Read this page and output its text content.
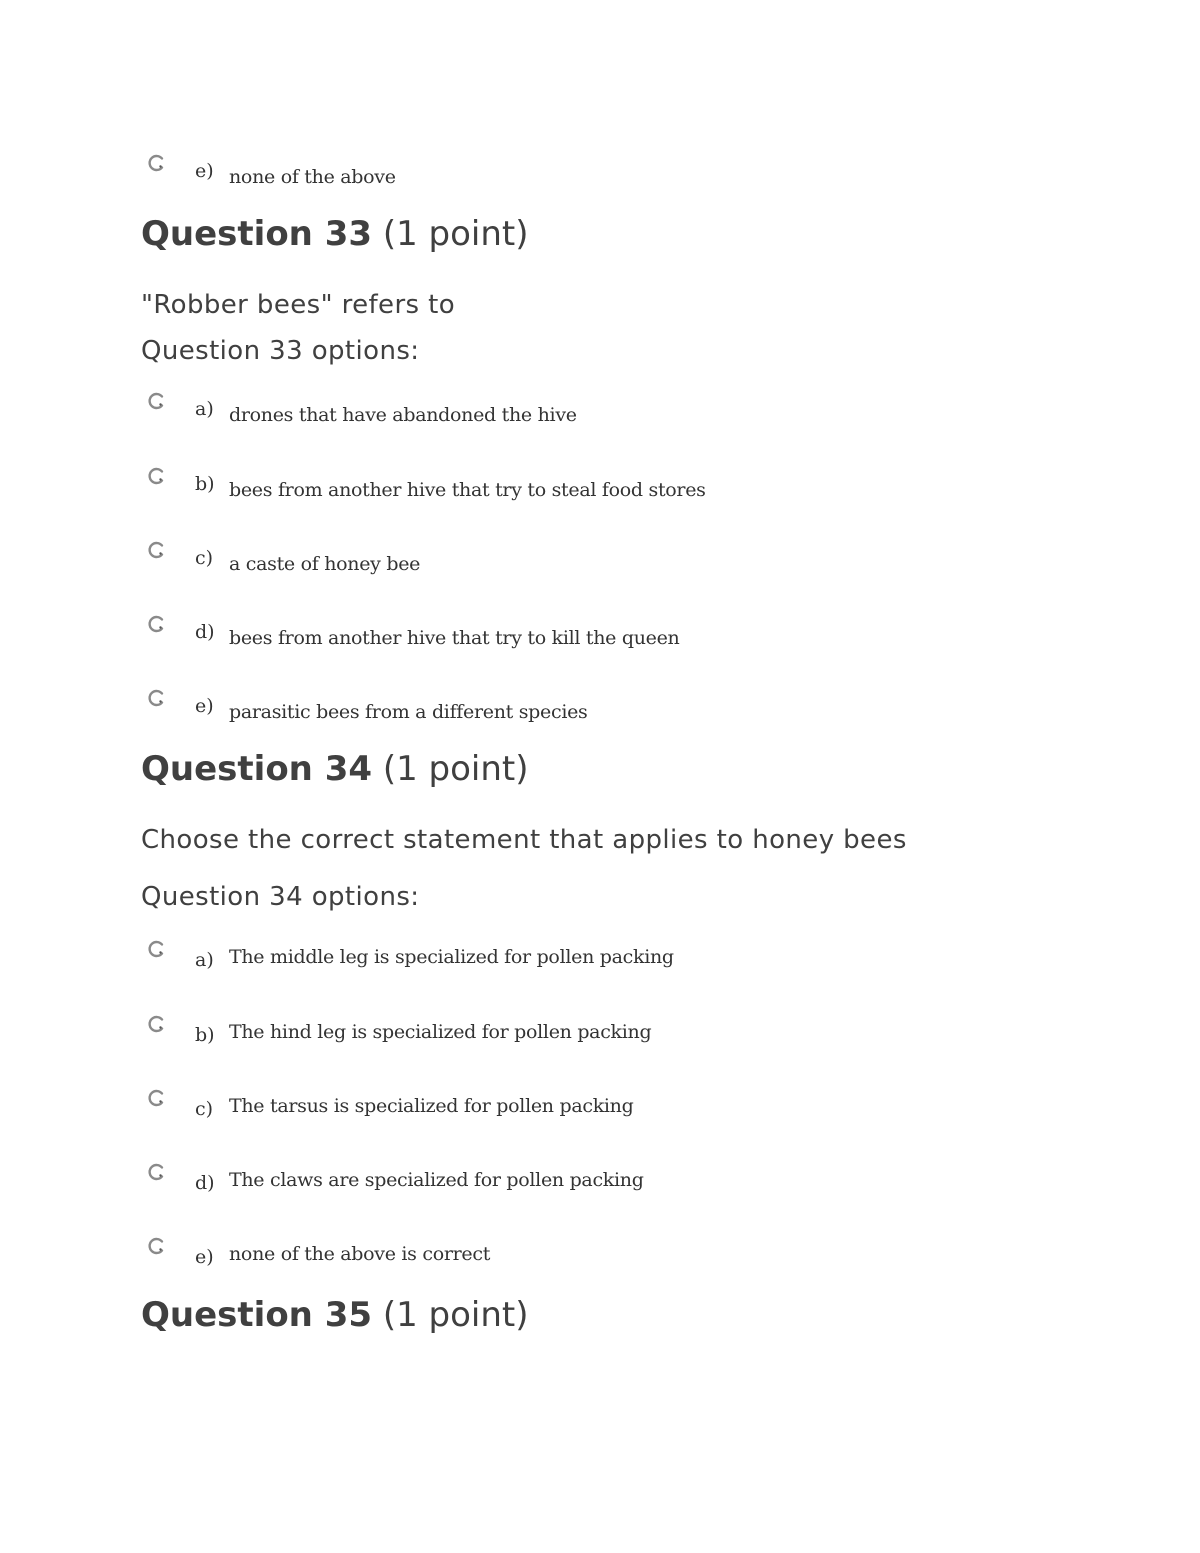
e) none of the above
Question 33 (1 point)
"Robber bees" refers to
Question 33 options:
a) drones that have abandoned the hive
b) bees from another hive that try to steal food stores
c) a caste of honey bee
d) bees from another hive that try to kill the queen
e) parasitic bees from a different species
Question 34 (1 point)
Choose the correct statement that applies to honey bees
Question 34 options:
a) The middle leg is specialized for pollen packing
b) The hind leg is specialized for pollen packing
c) The tarsus is specialized for pollen packing
d) The claws are specialized for pollen packing
e) none of the above is correct
Question 35 (1 point)
